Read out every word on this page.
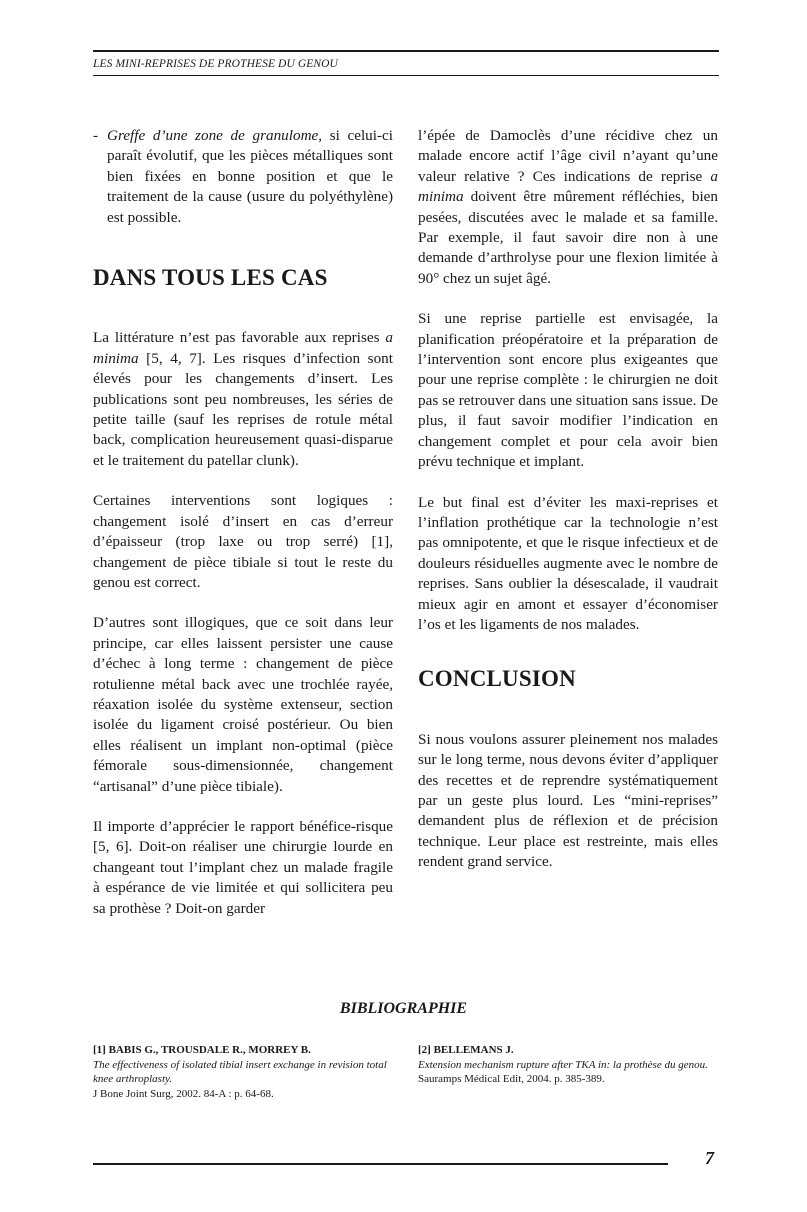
LES MINI-REPRISES DE PROTHESE DU GENOU
- Greffe d’une zone de granulome, si celui-ci paraît évolutif, que les pièces métalliques sont bien fixées en bonne position et que le traitement de la cause (usure du polyéthylène) est possible.
DANS TOUS LES CAS

La littérature n’est pas favorable aux reprises a minima [5, 4, 7]. Les risques d’infection sont élevés pour les changements d’insert. Les publications sont peu nombreuses, les séries de petite taille (sauf les reprises de rotule métal back, complication heureusement quasi-disparue et le traitement du patellar clunk).

Certaines interventions sont logiques : changement isolé d’insert en cas d’erreur d’épaisseur (trop laxe ou trop serré) [1], changement de pièce tibiale si tout le reste du genou est correct.

D’autres sont illogiques, que ce soit dans leur principe, car elles laissent persister une cause d’échec à long terme : changement de pièce rotulienne métal back avec une trochlée rayée, réaxation isolée du système extenseur, section isolée du ligament croisé postérieur. Ou bien elles réalisent un implant non-optimal (pièce fémorale sous-dimensionnée, changement “artisanal” d’une pièce tibiale).

Il importe d’apprécier le rapport bénéfice-risque [5, 6]. Doit-on réaliser une chirurgie lourde en changeant tout l’implant chez un malade fragile à espérance de vie limitée et qui sollicitera peu sa prothèse ? Doit-on garder

l’épée de Damoclès d’une récidive chez un malade encore actif l’âge civil n’ayant qu’une valeur relative ? Ces indications de reprise a minima doivent être mûrement réfléchies, bien pesées, discutées avec le malade et sa famille. Par exemple, il faut savoir dire non à une demande d’arthrolyse pour une flexion limitée à 90° chez un sujet âgé.

Si une reprise partielle est envisagée, la planification préopératoire et la préparation de l’intervention sont encore plus exigeantes que pour une reprise complète : le chirurgien ne doit pas se retrouver dans une situation sans issue. De plus, il faut savoir modifier l’indication en changement complet et pour cela avoir bien prévu technique et implant.

Le but final est d’éviter les maxi-reprises et l’inflation prothétique car la technologie n’est pas omnipotente, et que le risque infectieux et de douleurs résiduelles augmente avec le nombre de reprises. Sans oublier la désescalade, il vaudrait mieux agir en amont et essayer d’économiser l’os et les ligaments de nos malades.

CONCLUSION

Si nous voulons assurer pleinement nos malades sur le long terme, nous devons éviter d’appliquer des recettes et de reprendre systématiquement par un geste plus lourd. Les “mini-reprises” demandent plus de réflexion et de précision technique. Leur place est restreinte, mais elles rendent grand service.

BIBLIOGRAPHIE
[1] BABIS G., TROUSDALE R., MORREY B.
The effectiveness of isolated tibial insert exchange in revision total knee arthroplasty.
J Bone Joint Surg, 2002. 84-A : p. 64-68.
[2] BELLEMANS J.
Extension mechanism rupture after TKA in: la prothèse du genou.
Sauramps Médical Edit, 2004. p. 385-389.
7
